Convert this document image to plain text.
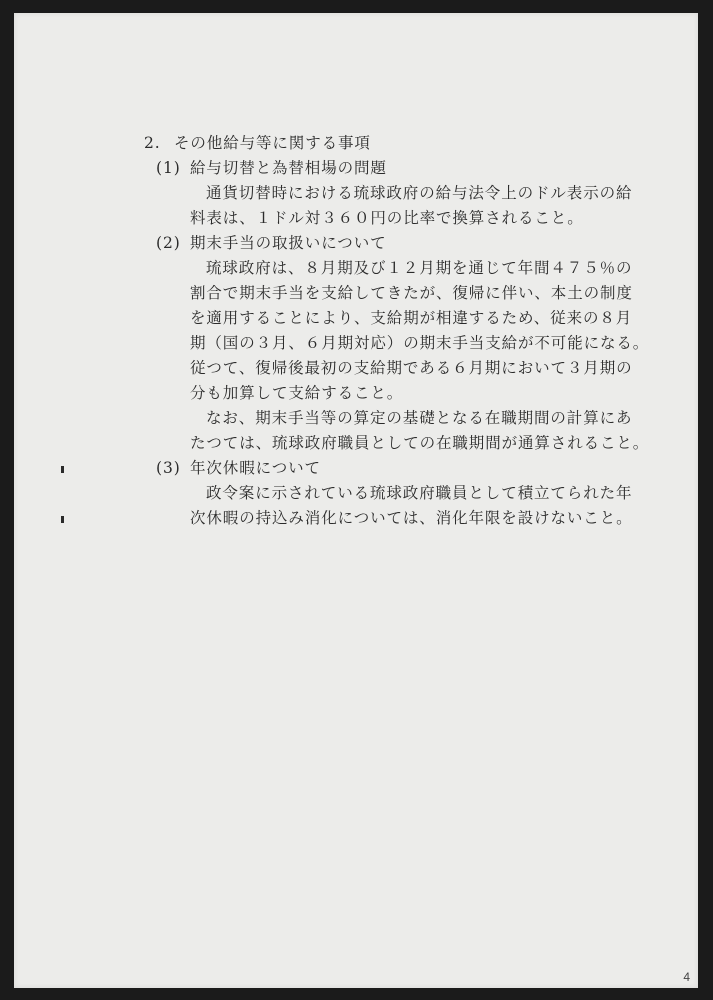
2. その他給与等に関する事項
(1) 給与切替と為替相場の問題
通貨切替時における琉球政府の給与法令上のドル表示の給
料表は、１ドル対３６０円の比率で換算されること。
(2) 期末手当の取扱いについて
琉球政府は、８月期及び１２月期を通じて年間４７５％の
割合で期末手当を支給してきたが、復帰に伴い、本土の制度
を適用することにより、支給期が相違するため、従来の８月
期（国の３月、６月期対応）の期末手当支給が不可能になる。
従つて、復帰後最初の支給期である６月期において３月期の
分も加算して支給すること。
なお、期末手当等の算定の基礎となる在職期間の計算にあ
たつては、琉球政府職員としての在職期間が通算されること。
(3) 年次休暇について
政令案に示されている琉球政府職員として積立てられた年
次休暇の持込み消化については、消化年限を設けないこと。
4
